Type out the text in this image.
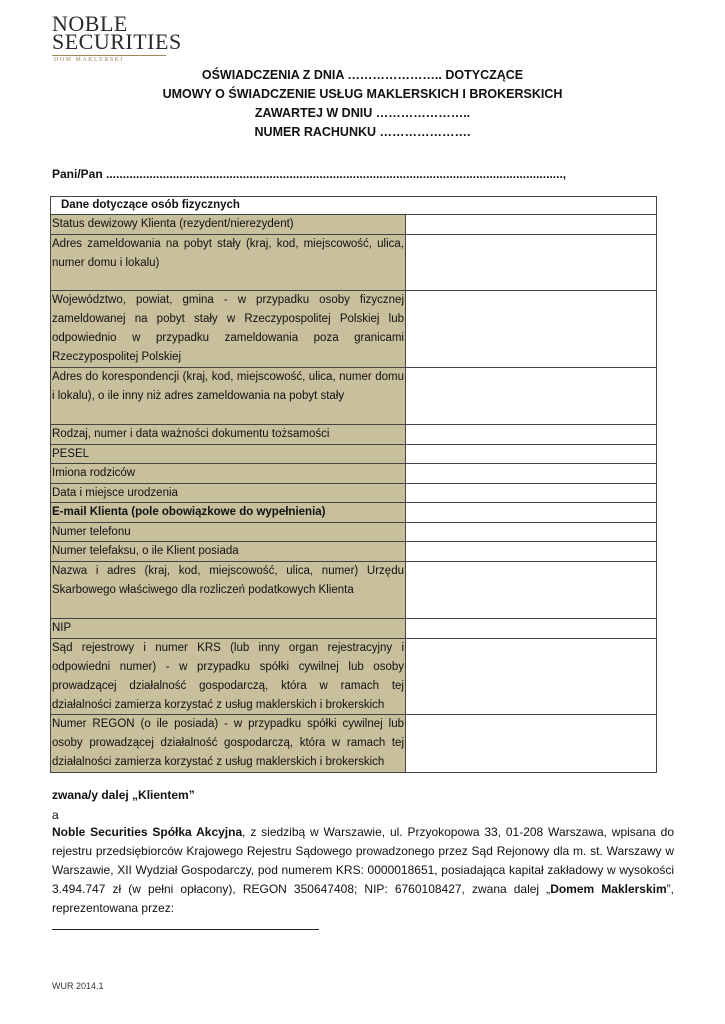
NOBLE
SECURITIES
DOM MAKLERSKI
OŚWIADCZENIA Z DNIA ………………….. DOTYCZĄCE
UMOWY O ŚWIADCZENIE USŁUG MAKLERSKICH I BROKERSKICH
ZAWARTEJ W DNIU …………………..
NUMER RACHUNKU ………………….
Pani/Pan .........................................................................................................................................,
Dane dotyczące osób fizycznych
Status dewizowy Klienta (rezydent/nierezydent)
Adres zameldowania na pobyt stały (kraj, kod, miejscowość, ulica, numer domu i lokalu)
Województwo, powiat, gmina - w przypadku osoby fizycznej zameldowanej na pobyt stały w Rzeczypospolitej Polskiej lub odpowiednio w przypadku zameldowania poza granicami Rzeczypospolitej Polskiej
Adres do korespondencji (kraj, kod, miejscowość, ulica, numer domu i lokalu), o ile inny niż adres zameldowania na pobyt stały
Rodzaj, numer i data ważności dokumentu tożsamości
PESEL
Imiona rodziców
Data i miejsce urodzenia
E-mail Klienta (pole obowiązkowe do wypełnienia)
Numer telefonu
Numer telefaksu, o ile Klient posiada
Nazwa i adres (kraj, kod, miejscowość, ulica, numer) Urzędu Skarbowego właściwego dla rozliczeń podatkowych Klienta
NIP
Sąd rejestrowy i numer KRS (lub inny organ rejestracyjny i odpowiedni numer) - w przypadku spółki cywilnej lub osoby prowadzącej działalność gospodarczą, która w ramach tej działalności zamierza korzystać z usług maklerskich i brokerskich
Numer REGON (o ile posiada) - w przypadku spółki cywilnej lub osoby prowadzącej działalność gospodarczą, która w ramach tej działalności zamierza korzystać z usług maklerskich i brokerskich
zwana/y dalej „Klientem”
a
Noble Securities Spółka Akcyjna, z siedzibą w Warszawie, ul. Przyokopowa 33, 01-208 Warszawa, wpisana do rejestru przedsiębiorców Krajowego Rejestru Sądowego prowadzonego przez Sąd Rejonowy dla m. st. Warszawy w Warszawie, XII Wydział Gospodarczy, pod numerem KRS: 0000018651, posiadająca kapitał zakładowy w wysokości 3.494.747 zł (w pełni opłacony), REGON 350647408; NIP: 6760108427, zwana dalej „Domem Maklerskim”, reprezentowana przez:
WUR 2014.1
